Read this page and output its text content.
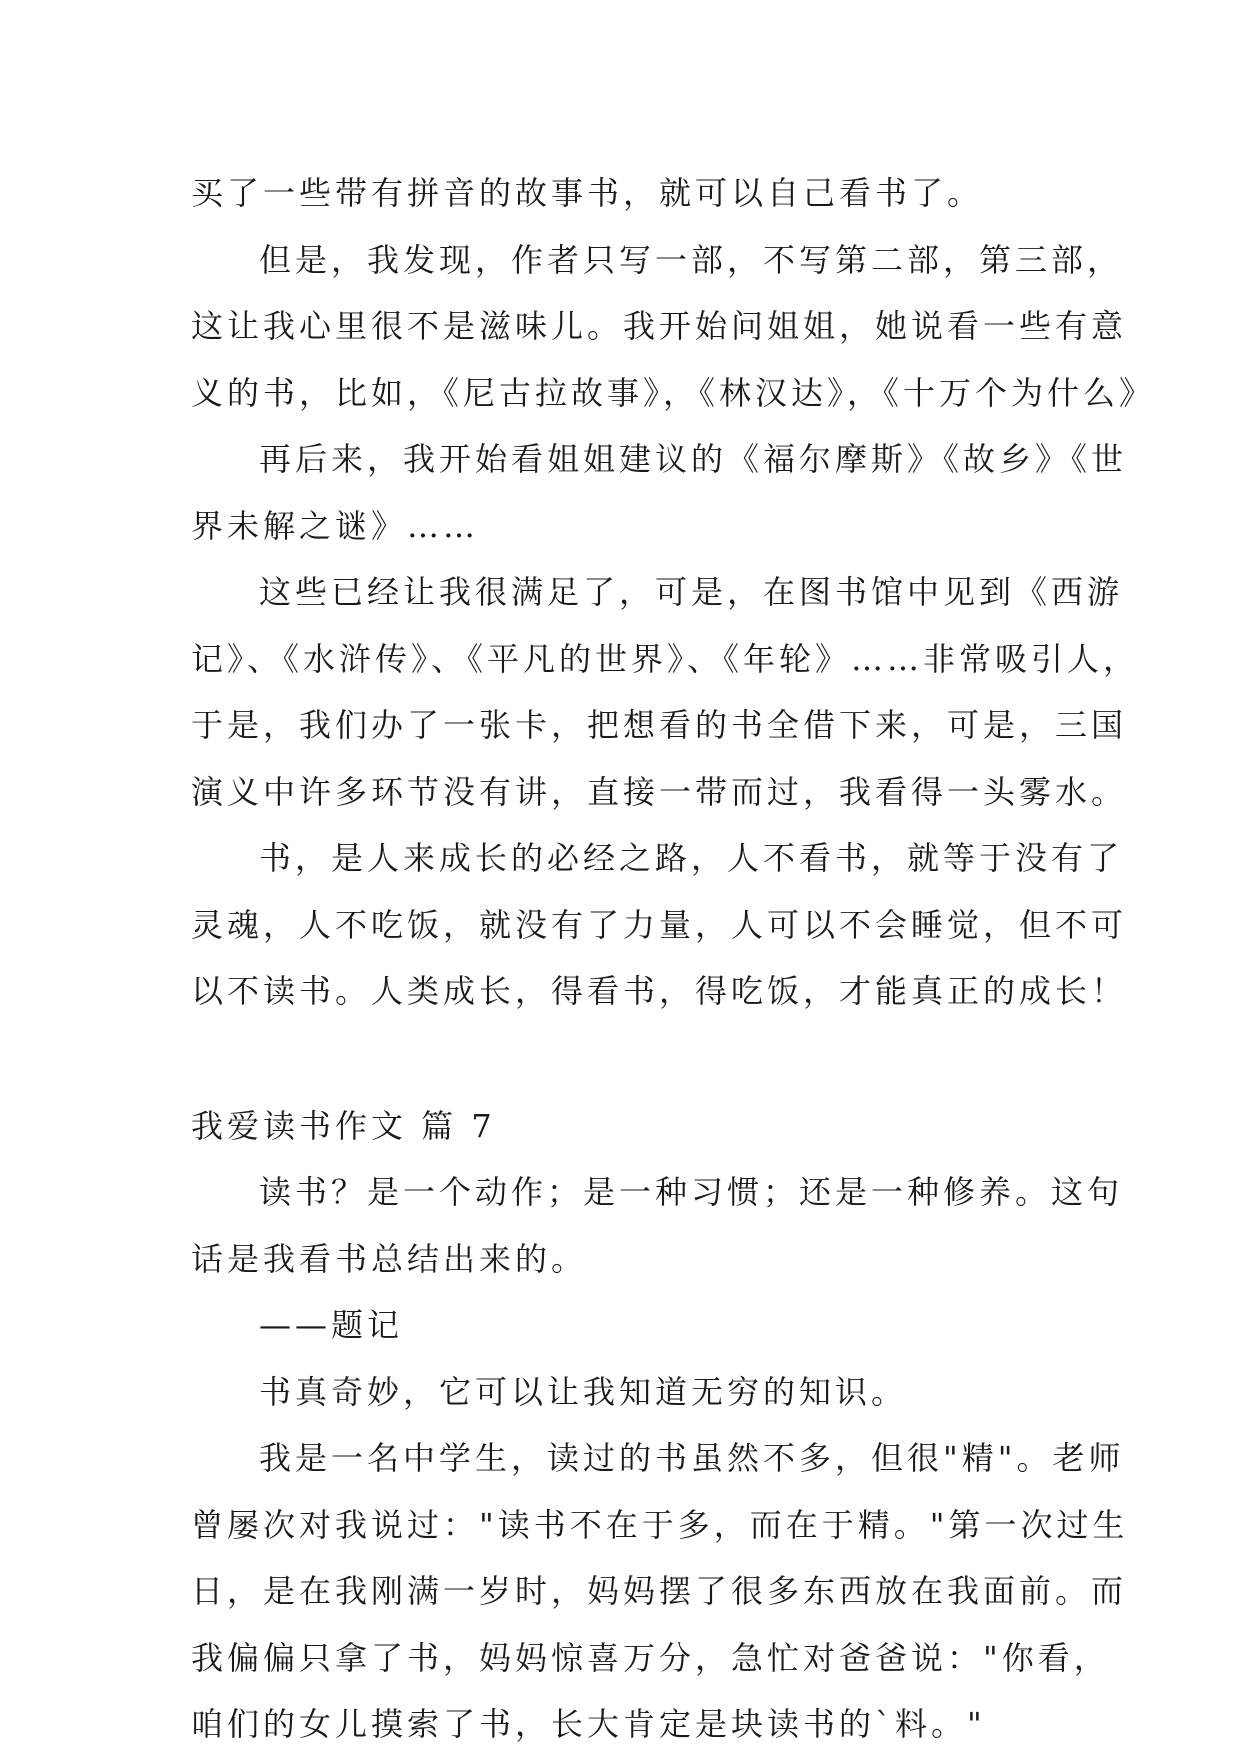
买了一些带有拼音的故事书，就可以自己看书了。
但是，我发现，作者只写一部，不写第二部，第三部，
这让我心里很不是滋味儿。我开始问姐姐，她说看一些有意
义的书，比如，《尼古拉故事》，《林汉达》，《十万个为什么》
再后来，我开始看姐姐建议的《福尔摩斯》《故乡》《世
界未解之谜》……
这些已经让我很满足了，可是，在图书馆中见到《西游
记》、《水浒传》、《平凡的世界》、《年轮》……非常吸引人，
于是，我们办了一张卡，把想看的书全借下来，可是，三国
演义中许多环节没有讲，直接一带而过，我看得一头雾水。
书，是人来成长的必经之路，人不看书，就等于没有了
灵魂，人不吃饭，就没有了力量，人可以不会睡觉，但不可
以不读书。人类成长，得看书，得吃饭，才能真正的成长！
我爱读书作文 篇 7
读书？是一个动作；是一种习惯；还是一种修养。这句
话是我看书总结出来的。
——题记
书真奇妙，它可以让我知道无穷的知识。
我是一名中学生，读过的书虽然不多，但很"精"。老师
曾屡次对我说过："读书不在于多，而在于精。"第一次过生
日，是在我刚满一岁时，妈妈摆了很多东西放在我面前。而
我偏偏只拿了书，妈妈惊喜万分，急忙对爸爸说："你看，
咱们的女儿摸索了书，长大肯定是块读书的`料。"
